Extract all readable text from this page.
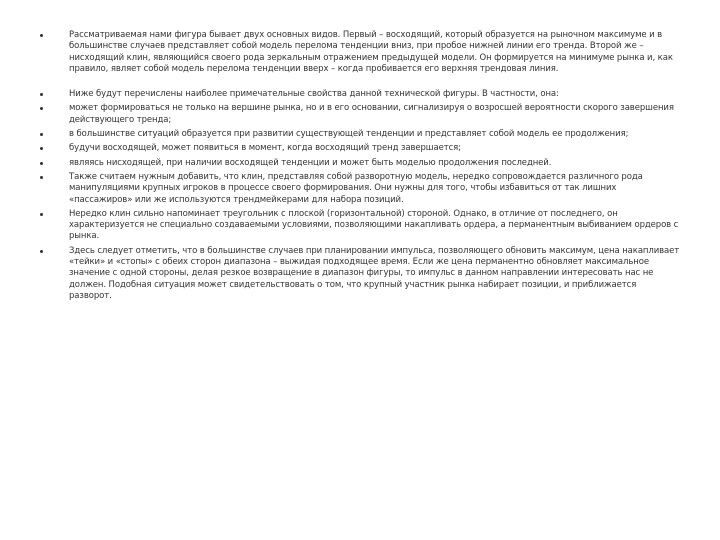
Рассматриваемая нами фигура бывает двух основных видов. Первый – восходящий, который образуется на рыночном максимуме и в большинстве случаев представляет собой модель перелома тенденции вниз, при пробое нижней линии его тренда. Второй же – нисходящий клин, являющийся своего рода зеркальным отражением предыдущей модели. Он формируется на минимуме рынка и, как правило, являет собой модель перелома тенденции вверх – когда пробивается его верхняя трендовая линия.
Ниже будут перечислены наиболее примечательные свойства данной технической фигуры. В частности, она:
может формироваться не только на вершине рынка, но и в его основании, сигнализируя о возросшей вероятности скорого завершения действующего тренда;
в большинстве ситуаций образуется при развитии существующей тенденции и представляет собой модель ее продолжения;
будучи восходящей, может появиться в момент, когда восходящий тренд завершается;
являясь нисходящей, при наличии восходящей тенденции и может быть моделью продолжения последней.
Также считаем нужным добавить, что клин, представляя собой разворотную модель, нередко сопровождается различного рода манипуляциями крупных игроков в процессе своего формирования. Они нужны для того, чтобы избавиться от так лишних «пассажиров» или же используются трендмейкерами для набора позиций.
Нередко клин сильно напоминает треугольник с плоской (горизонтальной) стороной. Однако, в отличие от последнего, он характеризуется не специально создаваемыми условиями, позволяющими накапливать ордера, а перманентным выбиванием ордеров с рынка.
Здесь следует отметить, что в большинстве случаев при планировании импульса, позволяющего обновить максимум, цена накапливает «тейки» и «стопы» с обеих сторон диапазона – выжидая подходящее время. Если же цена перманентно обновляет максимальное значение с одной стороны, делая резкое возвращение в диапазон фигуры, то импульс в данном направлении интересовать нас не должен. Подобная ситуация может свидетельствовать о том, что крупный участник рынка набирает позиции, и приближается разворот.
